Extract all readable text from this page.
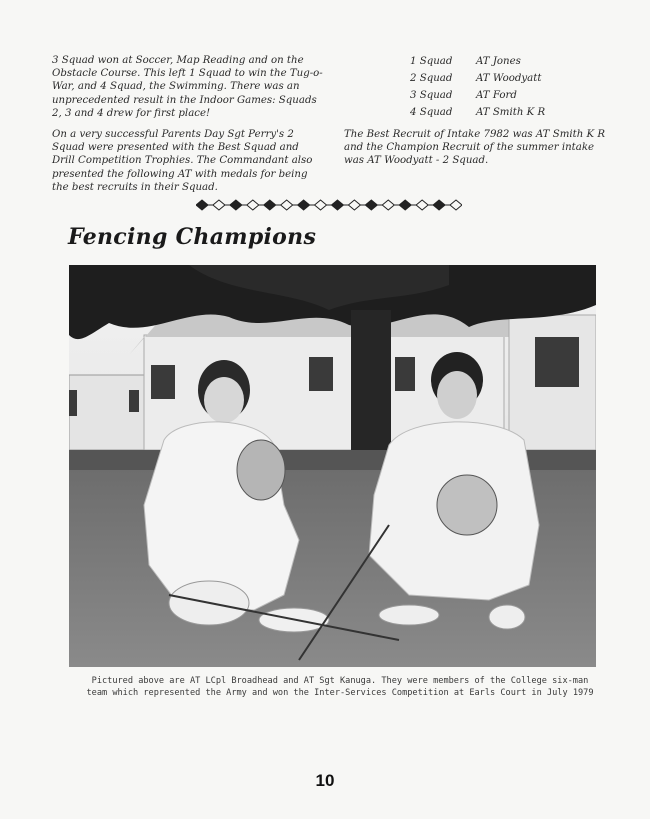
3 Squad won at Soccer, Map Reading and on the Obstacle Course. This left 1 Squad to win the Tug-o-War, and 4 Squad, the Swimming. There was an unprecedented result in the Indoor Games: Squads 2, 3 and 4 drew for first place!

On a very successful Parents Day Sgt Perry's 2 Squad were presented with the Best Squad and Drill Competition Trophies. The Commandant also presented the following AT with medals for being the best recruits in their Squad.

1 Squad	AT Jones
2 Squad	AT Woodyatt
3 Squad	AT Ford
4 Squad	AT Smith K R
The Best Recruit of Intake 7982 was AT Smith K R and the Champion Recruit of the summer intake was AT Woodyatt - 2 Squad.
Fencing Champions
Pictured above are AT LCpl Broadhead and AT Sgt Kanuga. They were members of the College six-man
team which represented the Army and won the Inter-Services Competition at Earls Court in July 1979
10
